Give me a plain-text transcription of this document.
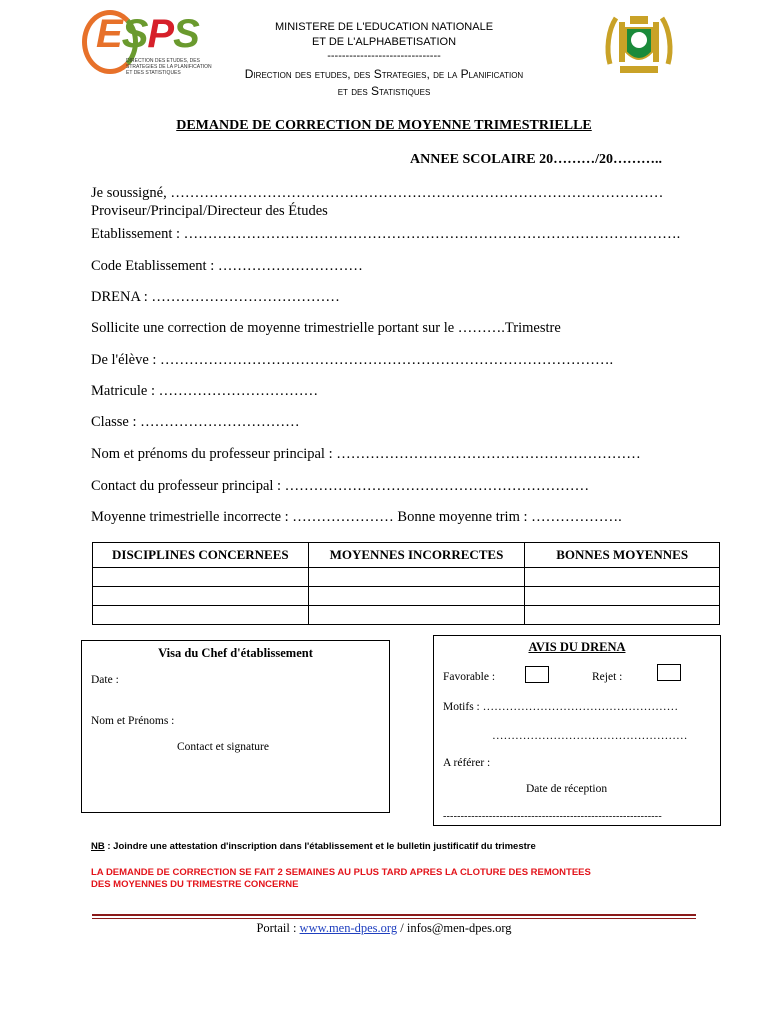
ESPS
DIRECTION DES ETUDES, DES STRATEGIES DE LA PLANIFICATION ET DES STATISTIQUES
MINISTERE DE L'EDUCATION NATIONALE
ET DE L'ALPHABETISATION
-------------------------------
Direction des etudes, des Strategies, de la Planification
et des Statistiques
DEMANDE DE CORRECTION DE MOYENNE TRIMESTRIELLE
ANNEE SCOLAIRE 20………/20………..
Je soussigné, …………………………………………………………………………………………
Proviseur/Principal/Directeur des Études
Etablissement : ………………………………………………………………………………………….
Code Etablissement : …………………………
DRENA : …………………………………
Sollicite une correction de moyenne trimestrielle portant sur le ……….Trimestre
De l'élève : ………………………………………………………………………………….
Matricule : ……………………………
Classe : ……………………………
Nom et prénoms du professeur principal : ………………………………………………………
Contact du professeur principal : ………………………………………………………
Moyenne trimestrielle incorrecte : ………………… Bonne moyenne trim : ……………….
DISCIPLINES CONCERNEES	MOYENNES INCORRECTES	BONNES MOYENNES

Visa du Chef d'établissement
Date :
Nom et Prénoms :
Contact et signature
AVIS DU DRENA
Favorable :	Rejet :
Motifs : ……………………………………………
……………………………………………
A référer :
Date de réception
--------------------------------------------------------------
NB : Joindre une attestation d'inscription dans l'établissement et le bulletin justificatif du trimestre
LA DEMANDE DE CORRECTION SE FAIT 2 SEMAINES AU PLUS TARD APRES LA CLOTURE DES REMONTEES
DES MOYENNES DU TRIMESTRE CONCERNE
Portail : www.men-dpes.org / infos@men-dpes.org
